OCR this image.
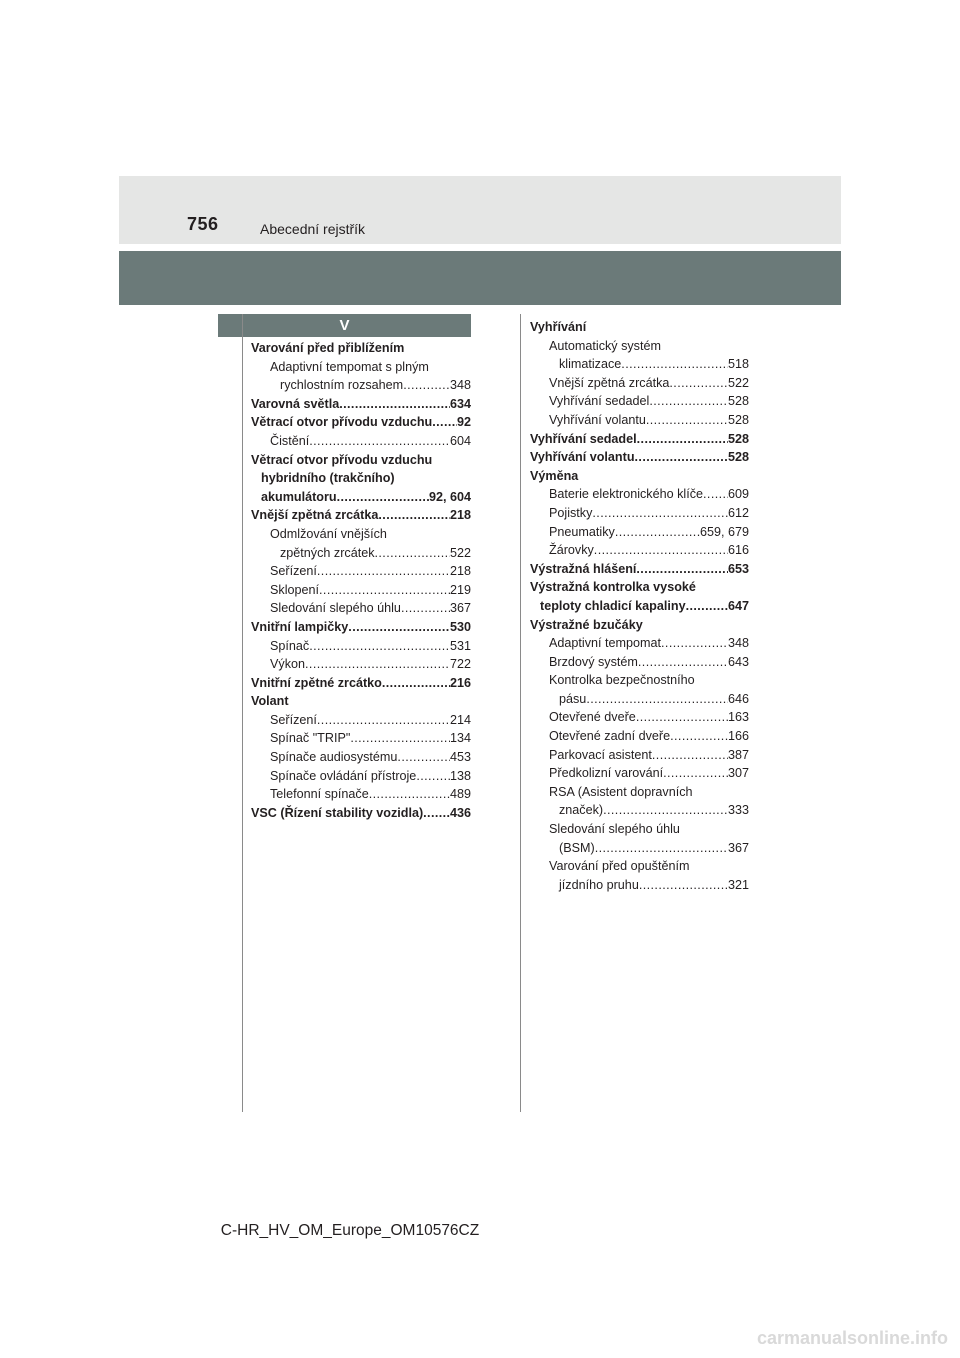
756	Abecední rejstřík
V
Varování před přiblížením
Adaptivní tempomat s plným
rychlostním rozsahem .....	348
Varovná světla .....	634
Větrací otvor přívodu vzduchu ..... 92
Čistění .....	604
Větrací otvor přívodu vzduchu
hybridního (trakčního)
akumulátoru .....	92, 604
Vnější zpětná zrcátka .....	218
Odmlžování vnějších
zpětných zrcátek .....	522
Seřízení .....	218
Sklopení .....	219
Sledování slepého úhlu .....	367
Vnitřní lampičky .....	530
Spínač .....	531
Výkon .....	722
Vnitřní zpětné zrcátko .....	216
Volant
Seřízení .....	214
Spínač "TRIP" .....	134
Spínače audiosystému .....	453
Spínače ovládání přístroje .....	138
Telefonní spínače .....	489
VSC (Řízení stability vozidla) ..... 436
Vyhřívání
Automatický systém
klimatizace .....	518
Vnější zpětná zrcátka .....	522
Vyhřívání sedadel .....	528
Vyhřívání volantu .....	528
Vyhřívání sedadel .....	528
Vyhřívání volantu .....	528
Výměna
Baterie elektronického klíče ..... 609
Pojistky .....	612
Pneumatiky .....	659, 679
Žárovky .....	616
Výstražná hlášení .....	653
Výstražná kontrolka vysoké
teploty chladicí kapaliny .....	647
Výstražné bzučáky
Adaptivní tempomat .....	348
Brzdový systém .....	643
Kontrolka bezpečnostního
pásu .....	646
Otevřené dveře .....	163
Otevřené zadní dveře .....	166
Parkovací asistent .....	387
Předkolizní varování .....	307
RSA (Asistent dopravních
značek) .....	333
Sledování slepého úhlu
(BSM) .....	367
Varování před opuštěním
jízdního pruhu .....	321
C-HR_HV_OM_Europe_OM10576CZ
carmanualsonline.info
